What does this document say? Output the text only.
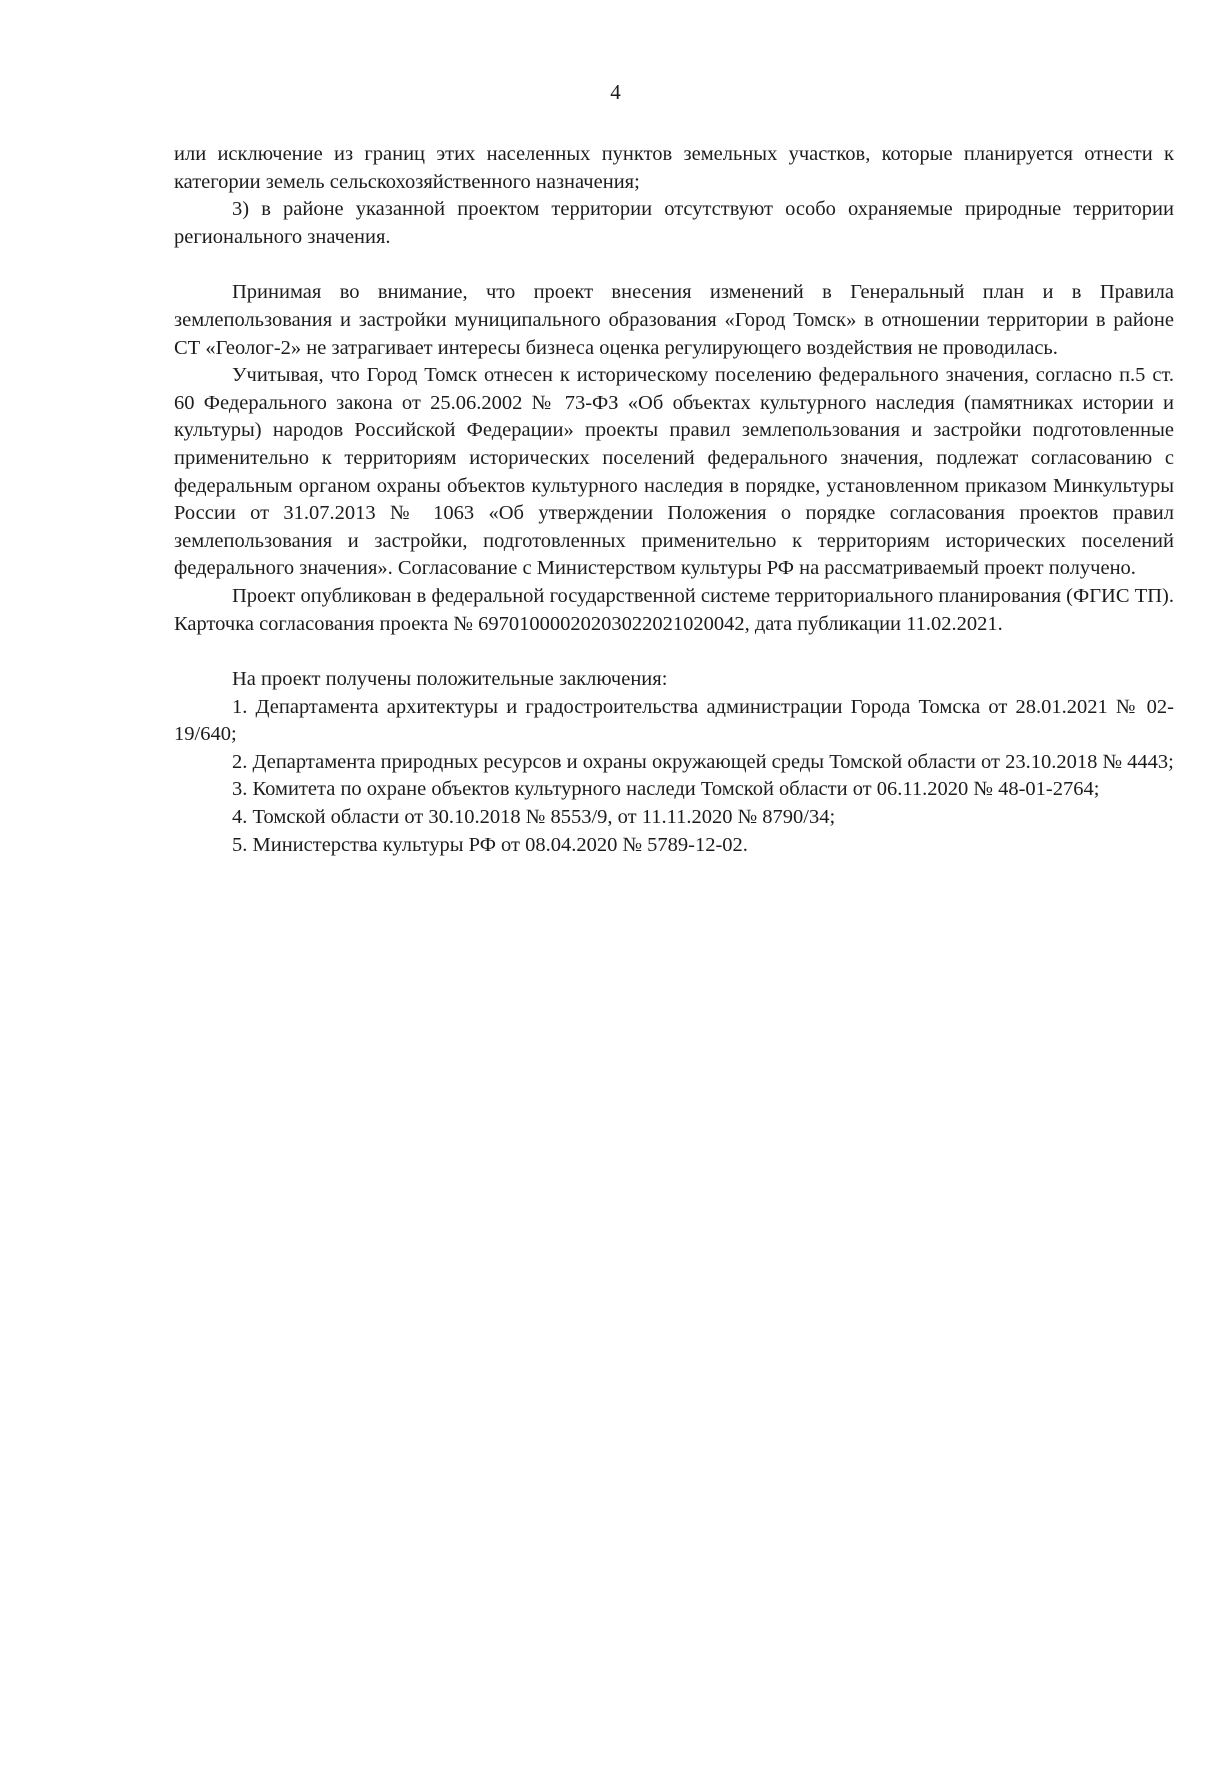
4

или исключение из границ этих населенных пунктов земельных участков, которые планируется отнести к категории земель сельскохозяйственного назначения;

3) в районе указанной проектом территории отсутствуют особо охраняемые природные территории регионального значения.

Принимая во внимание, что проект внесения изменений в Генеральный план и в Правила землепользования и застройки муниципального образования «Город Томск» в отношении территории в районе СТ «Геолог-2» не затрагивает интересы бизнеса оценка регулирующего воздействия не проводилась.

Учитывая, что Город Томск отнесен к историческому поселению федерального значения, согласно п.5 ст. 60 Федерального закона от 25.06.2002 № 73-ФЗ «Об объектах культурного наследия (памятниках истории и культуры) народов Российской Федерации» проекты правил землепользования и застройки подготовленные применительно к территориям исторических поселений федерального значения, подлежат согласованию с федеральным органом охраны объектов культурного наследия в порядке, установленном приказом Минкультуры России от 31.07.2013 № 1063 «Об утверждении Положения о порядке согласования проектов правил землепользования и застройки, подготовленных применительно к территориям исторических поселений федерального значения». Согласование с Министерством культуры РФ на рассматриваемый проект получено.

Проект опубликован в федеральной государственной системе территориального планирования (ФГИС ТП). Карточка согласования проекта № 69701000020203022021020042, дата публикации 11.02.2021.

На проект получены положительные заключения:

1. Департамента архитектуры и градостроительства администрации Города Томска от 28.01.2021 № 02-19/640;

2. Департамента природных ресурсов и охраны окружающей среды Томской области от 23.10.2018 № 4443;

3. Комитета по охране объектов культурного наследи Томской области от 06.11.2020 № 48-01-2764;

4. Томской области от 30.10.2018 № 8553/9, от 11.11.2020 № 8790/34;

5. Министерства культуры РФ от 08.04.2020 № 5789-12-02.
